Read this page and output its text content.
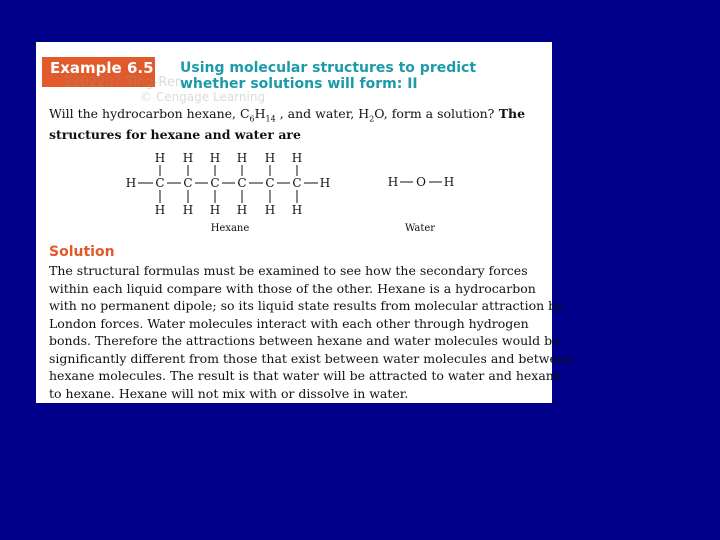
Example 6.5 Using molecular structures to predict whether solutions will form: II
2202207 Ting-Ren
© Cengage Learning
Will the hydrocarbon hexane, $C_6H_{14}$ , and water, $H_2O$, form a solution? The structures for hexane and water are
H
C
H
H
C
H
H
C
H
H
C
H
H
C
H
H
C
H
H	H	H O H
Hexane	Water
Solution
The structural formulas must be examined to see how the secondary forces
within each liquid compare with those of the other. Hexane is a hydrocarbon
with no permanent dipole; so its liquid state results from molecular attraction by
London forces. Water molecules interact with each other through hydrogen
bonds. Therefore the attractions between hexane and water molecules would be
significantly different from those that exist between water molecules and between
hexane molecules. The result is that water will be attracted to water and hexane
to hexane. Hexane will not mix with or dissolve in water.
